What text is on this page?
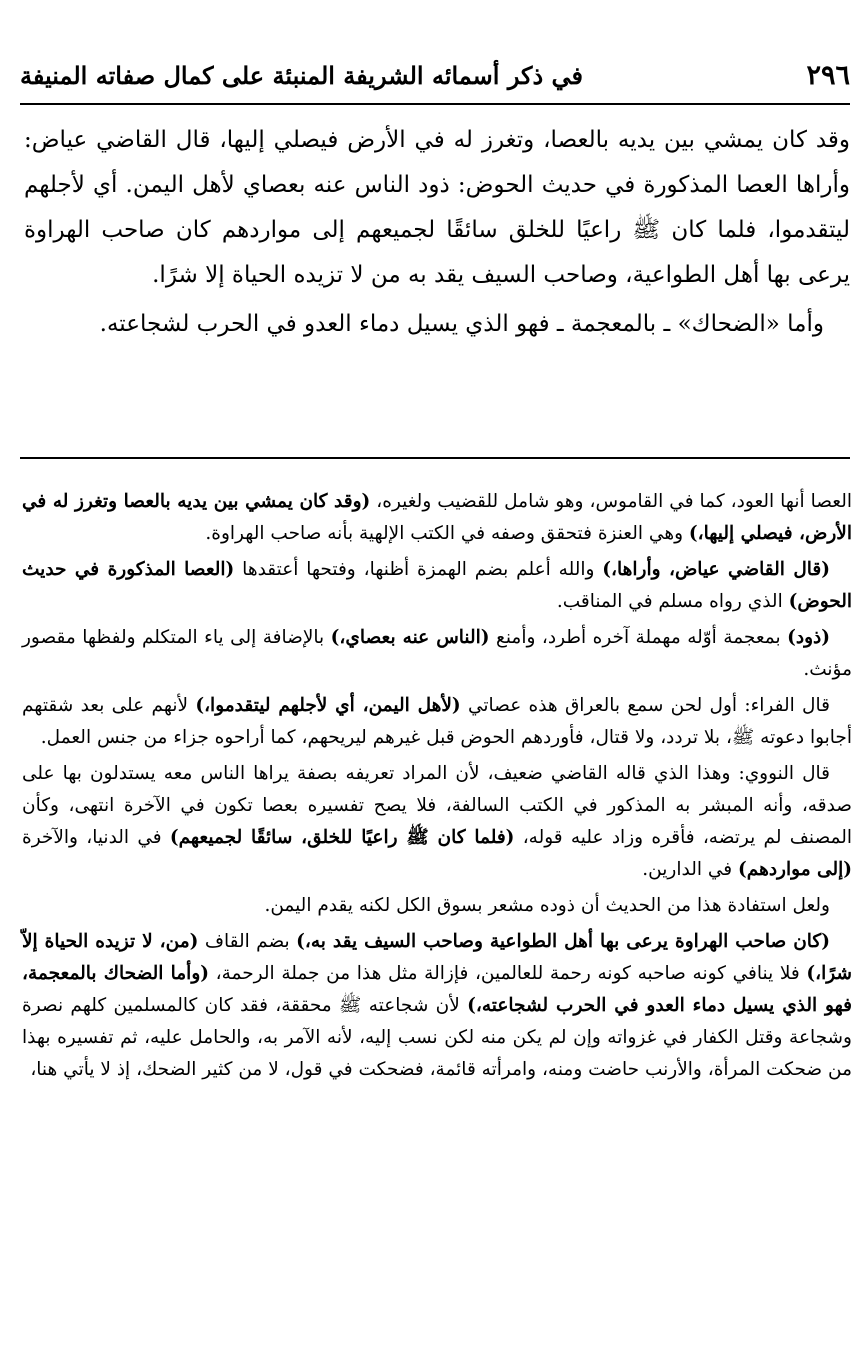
٢٩٦
في ذكر أسمائه الشريفة المنبئة على كمال صفاته المنيفة

وقد كان يمشي بين يديه بالعصا، وتغرز له في الأرض فيصلي إليها، قال القاضي عياض: وأراها العصا المذكورة في حديث الحوض: ذود الناس عنه بعصاي لأهل اليمن. أي لأجلهم ليتقدموا، فلما كان ﷺ راعيًا للخلق سائقًا لجميعهم إلى مواردهم كان صاحب الهراوة يرعى بها أهل الطواعية، وصاحب السيف يقد به من لا تزيده الحياة إلا شرًا.

وأما «الضحاك» ـ بالمعجمة ـ فهو الذي يسيل دماء العدو في الحرب لشجاعته.

العصا أنها العود، كما في القاموس، وهو شامل للقضيب ولغيره، (وقد كان يمشي بين يديه بالعصا وتغرز له في الأرض، فيصلي إليها،) وهي العنزة فتحقق وصفه في الكتب الإلهية بأنه صاحب الهراوة.

(قال القاضي عياض، وأراها،) والله أعلم بضم الهمزة أظنها، وفتحها أعتقدها (العصا المذكورة في حديث الحوض) الذي رواه مسلم في المناقب.

(ذود) بمعجمة أوّله مهملة آخره أطرد، وأمنع (الناس عنه بعصاي،) بالإضافة إلى ياء المتكلم ولفظها مقصور مؤنث.

قال الفراء: أول لحن سمع بالعراق هذه عصاتي (لأهل اليمن، أي لأجلهم ليتقدموا،) لأنهم على بعد شقتهم أجابوا دعوته ﷺ، بلا تردد، ولا قتال، فأوردهم الحوض قبل غيرهم ليريحهم، كما أراحوه جزاء من جنس العمل.

قال النووي: وهذا الذي قاله القاضي ضعيف، لأن المراد تعريفه بصفة يراها الناس معه يستدلون بها على صدقه، وأنه المبشر به المذكور في الكتب السالفة، فلا يصح تفسيره بعصا تكون في الآخرة انتهى، وكأن المصنف لم يرتضه، فأقره وزاد عليه قوله، (فلما كان ﷺ راعيًا للخلق، سائقًا لجميعهم) في الدنيا، والآخرة (إلى مواردهم) في الدارين.

ولعل استفادة هذا من الحديث أن ذوده مشعر بسوق الكل لكنه يقدم اليمن.

(كان صاحب الهراوة يرعى بها أهل الطواعية وصاحب السيف يقد به،) بضم القاف (من، لا تزيده الحياة إلاّ شرًا،) فلا ينافي كونه صاحبه كونه رحمة للعالمين، فإزالة مثل هذا من جملة الرحمة، (وأما الضحاك بالمعجمة، فهو الذي يسيل دماء العدو في الحرب لشجاعته،) لأن شجاعته ﷺ محققة، فقد كان كالمسلمين كلهم نصرة وشجاعة وقتل الكفار في غزواته وإن لم يكن منه لكن نسب إليه، لأنه الآمر به، والحامل عليه، ثم تفسيره بهذا من ضحكت المرأة، والأرنب حاضت ومنه، وامرأته قائمة، فضحكت في قول، لا من كثير الضحك، إذ لا يأتي هنا،
